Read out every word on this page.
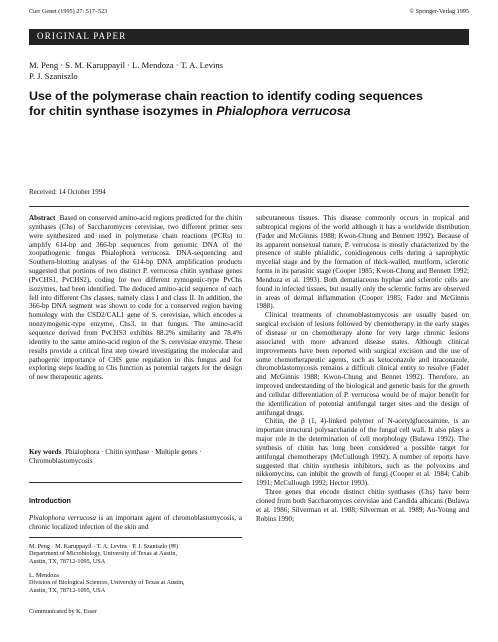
Curr Genet (1995) 27: 517–523	© Springer-Verlag 1995
ORIGINAL PAPER
M. Peng · S. M. Karuppayil · L. Mendoza · T. A. Levins
P. J. Szaniszlo
Use of the polymerase chain reaction to identify coding sequences
for chitin synthase isozymes in Phialophora verrucosa
Received: 14 October 1994

Abstract Based on conserved amino-acid regions predicted for the chitin synthases (Chs) of Saccharomyces cerevisiae, two different primer sets were synthesized and used in polymerase chain reactions (PCRs) to amplify 614-bp and 366-bp sequences from genomic DNA of the zoopathogenic fungus Phialophora verrucosa. DNA-sequencing and Southern-blotting analyses of the 614-bp DNA amplification products suggested that portions of two distinct P. verrucosa chitin synthase genes (PvCHS1, PvCHS2), coding for two different zymogenic-type PvChs isozymes, had been identified. The deduced amino-acid sequence of each fell into different Chs classes, namely class I and class II. In addition, the 366-bp DNA segment was shown to code for a conserved region having homology with the CSD2/CAL1 gene of S. cerevisiae, which encodes a nonzymogenic-type enzyme, Chs3, in that fungus. The amino-acid sequence derived from PvCHS3 exhibits 88.2% similarity and 78.4% identity to the same amino-acid region of the S. cerevisiae enzyme. These results provide a critical first step toward investigating the molecular and pathogenic importance of CHS gene regulation in this fungus and for exploring steps leading to Chs function as potential targets for the design of new therapeutic agents.

Key words Phialophora · Chitin synthase · Multiple genes · Chromoblastomycosis
Introduction
Phialophora verrucosa is an important agent of chromoblastomycosis, a chronic localized infection of the skin and
M. Peng · M. Karuppayil · T. A. Levins · P. J. Szaniszlo (✉)
Department of Microbiology, University of Texas at Austin,
Austin, TX, 78712-1095, USA
L. Mendoza
Division of Biological Sciences, University of Texas at Austin,
Austin, TX, 78712-1095, USA
Communicated by K. Esser

subcutaneous tissues. This disease commonly occurs in tropical and subtropical regions of the world although it has a worldwide distribution (Fader and McGinnis 1988; Kwon-Chung and Bennett 1992). Because of its apparent nonsexual nature, P. verrucosa is mostly characterized by the presence of stable phialidic, conidiogenous cells during a saprophytic mycelial stage and by the formation of thick-walled, muriform, sclerotic forms in its parasitic stage (Cooper 1985; Kwon-Chung and Bennett 1992; Mendoza et al. 1993). Both dematiaceous hyphae and sclerotic cells are found in infected tissues, but usually only the sclerotic forms are observed in areas of dermal inflammation (Cooper 1985; Fader and McGinnis 1988).

Clinical treatments of chromoblastomycosis are usually based on surgical excision of lesions followed by chemotherapy in the early stages of disease or on chemotherapy alone for very large chronic lesions associated with more advanced disease states. Although clinical improvements have been reported with surgical excision and the use of some chemotherapeutic agents, such as ketoconazole and itraconazole, chromoblastomycosis remains a difficult clinical entity to resolve (Fader and McGinnis 1988; Kwon-Chung and Bennet 1992). Therefore, an improved understanding of the biological and genetic basis for the growth and cellular differentiation of P. verrucosa would be of major benefit for the identification of potential antifungal target sites and the design of antifungal drugs.

Chitin, the β (1, 4)-linked polymer of N-acetylglucosamine, is an important structural polysaccharide of the fungal cell wall. It also plays a major role in the determination of cell morphology (Bulawa 1992). The synthesis of chitin has long been considered a possible target for antifungal chemotherapy (McCullough 1992). A number of reports have suggested that chitin synthesis inhibitors, such as the polyoxins and nikkomycins, can inhibit the growth of fungi (Cooper et al. 1984; Cabib 1991; McCullough 1992; Hector 1993).

Three genes that encode distinct chitin synthases (Chs) have been cloned from both Saccharomyces cervisiae and Candida albicans (Bulawa et al. 1986; Silverman et al. 1988; Silverman et al. 1989; Au-Young and Robins 1990;
